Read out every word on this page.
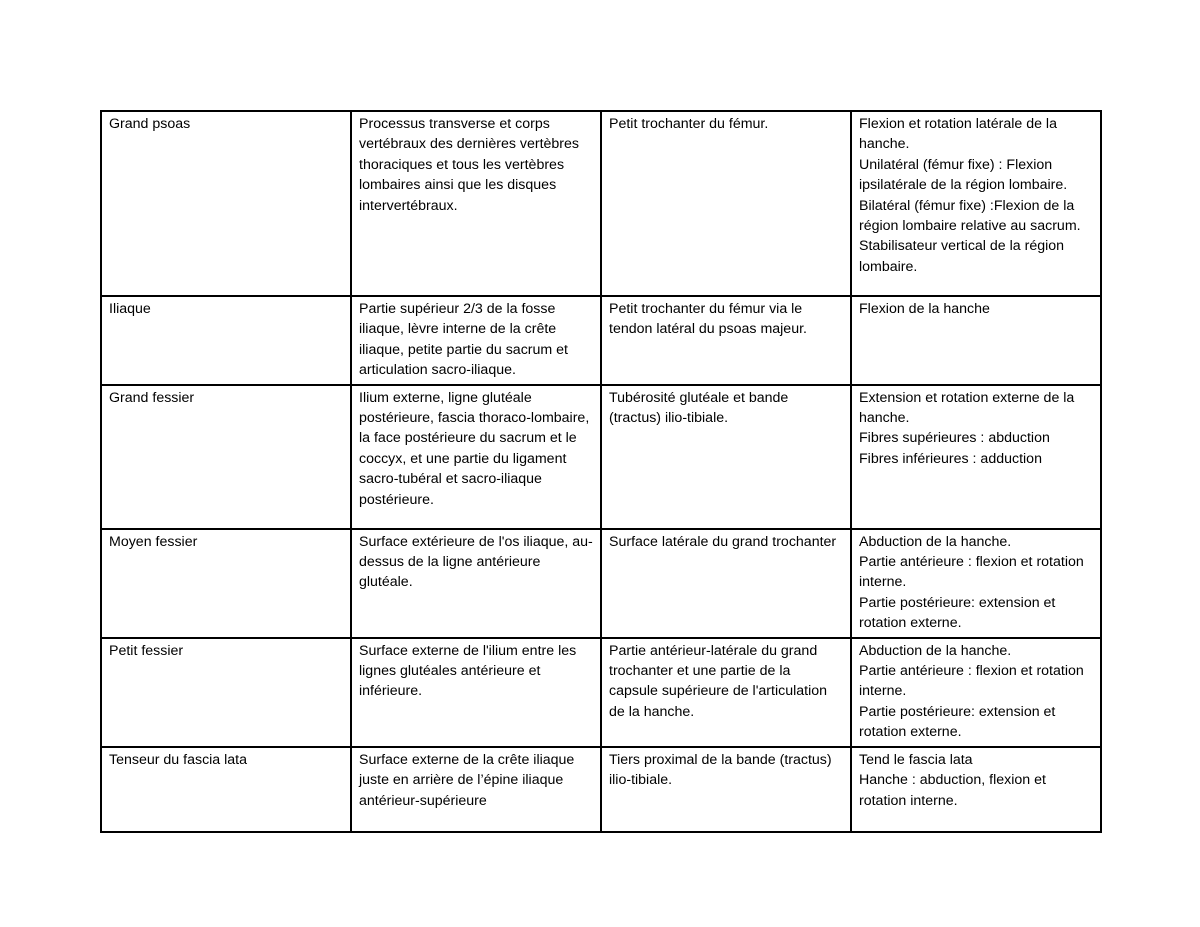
Grand psoas	Processus transverse et corps vertébraux des dernières vertèbres thoraciques et tous les vertèbres lombaires ainsi que les disques intervertébraux.	Petit trochanter du fémur.	Flexion et rotation latérale de la hanche.
Unilatéral (fémur fixe) : Flexion ipsilatérale de la région lombaire.
Bilatéral (fémur fixe) :Flexion de la région lombaire relative au sacrum.
Stabilisateur vertical de la région lombaire.
Iliaque	Partie supérieur 2/3 de la fosse iliaque, lèvre interne de la crête iliaque, petite partie du sacrum et articulation sacro-iliaque.	Petit trochanter du fémur via le tendon latéral du psoas majeur.	Flexion de la hanche
Grand fessier	Ilium externe, ligne glutéale postérieure, fascia thoraco-lombaire, la face postérieure du sacrum et le coccyx, et une partie du ligament sacro-tubéral et sacro-iliaque postérieure.	Tubérosité glutéale et bande (tractus) ilio-tibiale.	Extension et rotation externe de la hanche.
Fibres supérieures : abduction
Fibres inférieures : adduction
Moyen fessier	Surface extérieure de l'os iliaque, au-dessus de la ligne antérieure glutéale.	Surface latérale du grand trochanter	Abduction de la hanche.
Partie antérieure : flexion et rotation interne.
Partie postérieure: extension et rotation externe.
Petit fessier	Surface externe de l'ilium entre les lignes glutéales antérieure et inférieure.	Partie antérieur-latérale du grand trochanter et une partie de la capsule supérieure de l'articulation de la hanche.	Abduction de la hanche.
Partie antérieure : flexion et rotation interne.
Partie postérieure: extension et rotation externe.
Tenseur du fascia lata	Surface externe de la crête iliaque juste en arrière de l’épine iliaque antérieur-supérieure	Tiers proximal de la bande (tractus) ilio-tibiale.	Tend le fascia lata
Hanche : abduction, flexion et rotation interne.
